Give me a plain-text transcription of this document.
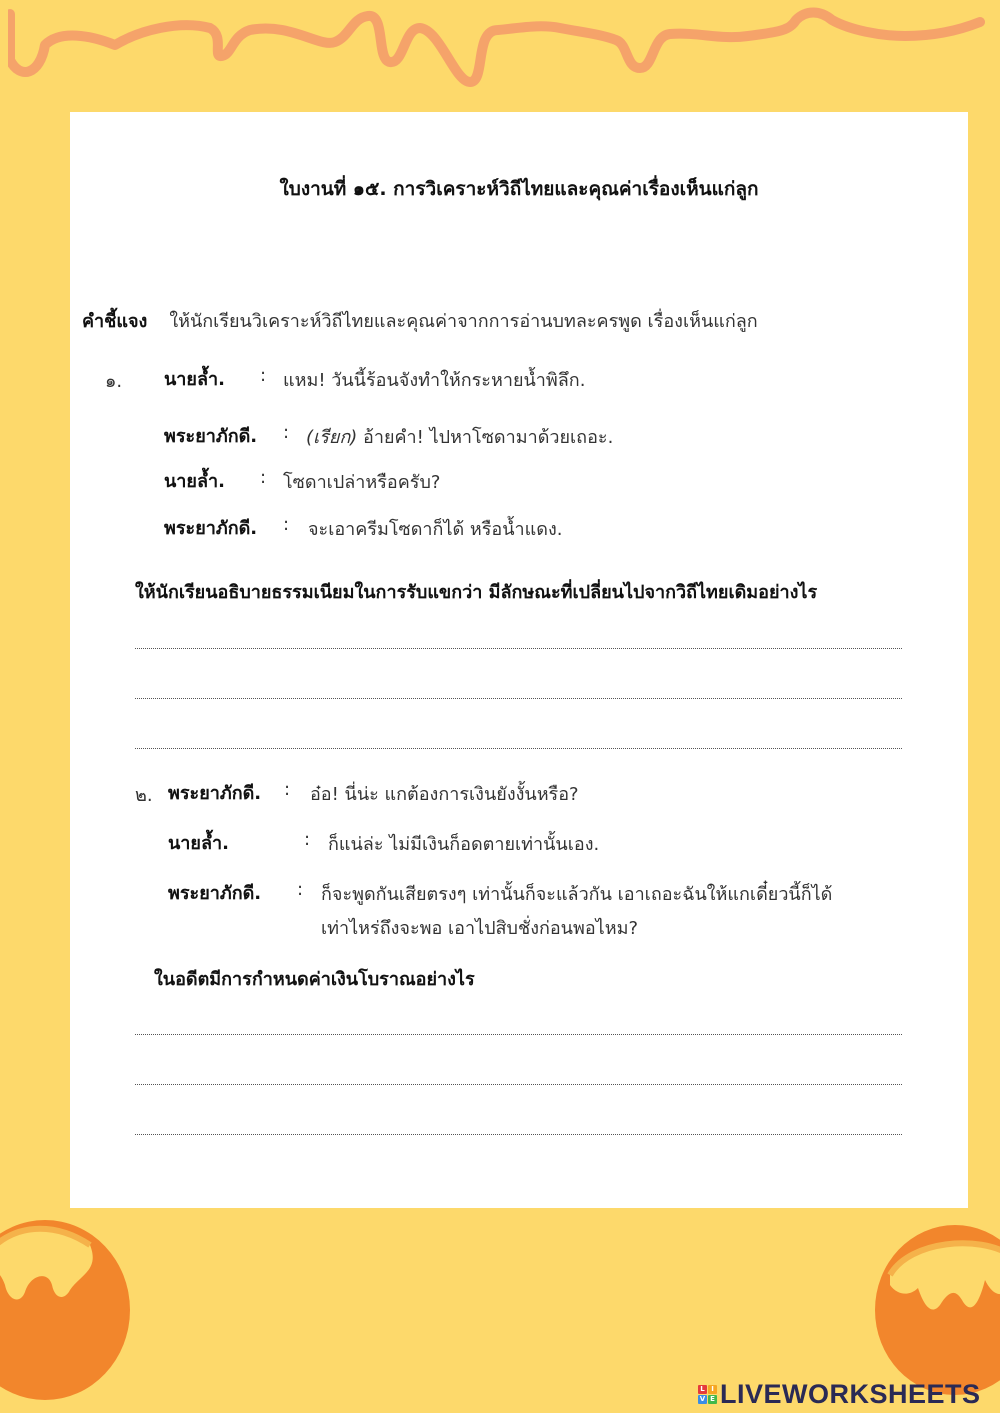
ใบงานที่ ๑๕. การวิเคราะห์วิถีไทยและคุณค่าเรื่องเห็นแก่ลูก
คำชี้แจง ให้นักเรียนวิเคราะห์วิถีไทยและคุณค่าจากการอ่านบทละครพูด เรื่องเห็นแก่ลูก
๑. นายล้ำ. : แหม! วันนี้ร้อนจังทำให้กระหายน้ำพิลึก.
พระยาภักดี. : (เรียก) อ้ายคำ! ไปหาโซดามาด้วยเถอะ.
นายล้ำ. : โซดาเปล่าหรือครับ?
พระยาภักดี. : จะเอาครีมโซดาก็ได้ หรือน้ำแดง.
ให้นักเรียนอธิบายธรรมเนียมในการรับแขกว่า มีลักษณะที่เปลี่ยนไปจากวิถีไทยเดิมอย่างไร
๒. พระยาภักดี. : อ๋อ! นี่น่ะ แกต้องการเงินยังงั้นหรือ?
นายล้ำ.	: ก็แน่ล่ะ ไม่มีเงินก็อดตายเท่านั้นเอง.
พระยาภักดี. : ก็จะพูดกันเสียตรงๆ เท่านั้นก็จะแล้วกัน เอาเถอะฉันให้แกเดี๋ยวนี้ก็ได้
เท่าไหร่ถึงจะพอ เอาไปสิบชั่งก่อนพอไหม?
ในอดีตมีการกำหนดค่าเงินโบราณอย่างไร
L I
V E LIVEWORKSHEETS
